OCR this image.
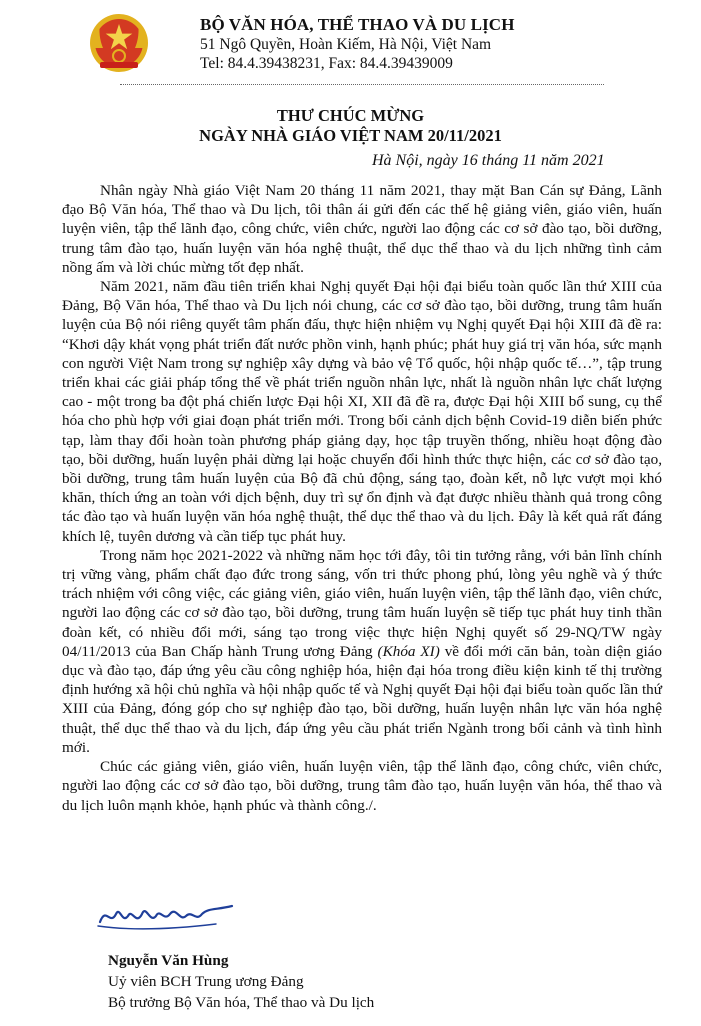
BỘ VĂN HÓA, THỂ THAO VÀ DU LỊCH
51 Ngô Quyền, Hoàn Kiếm, Hà Nội, Việt Nam
Tel: 84.4.39438231, Fax: 84.4.39439009
THƯ CHÚC MỪNG
NGÀY NHÀ GIÁO VIỆT NAM 20/11/2021
Hà Nội, ngày 16 tháng 11 năm 2021

Nhân ngày Nhà giáo Việt Nam 20 tháng 11 năm 2021, thay mặt Ban Cán sự Đảng, Lãnh đạo Bộ Văn hóa, Thể thao và Du lịch, tôi thân ái gửi đến các thế hệ giảng viên, giáo viên, huấn luyện viên, tập thể lãnh đạo, công chức, viên chức, người lao động các cơ sở đào tạo, bồi dưỡng, trung tâm đào tạo, huấn luyện văn hóa nghệ thuật, thể dục thể thao và du lịch những tình cảm nồng ấm và lời chúc mừng tốt đẹp nhất.

Năm 2021, năm đầu tiên triển khai Nghị quyết Đại hội đại biểu toàn quốc lần thứ XIII của Đảng, Bộ Văn hóa, Thể thao và Du lịch nói chung, các cơ sở đào tạo, bồi dưỡng, trung tâm huấn luyện của Bộ nói riêng quyết tâm phấn đấu, thực hiện nhiệm vụ Nghị quyết Đại hội XIII đã đề ra: “Khơi dậy khát vọng phát triển đất nước phồn vinh, hạnh phúc; phát huy giá trị văn hóa, sức mạnh con người Việt Nam trong sự nghiệp xây dựng và bảo vệ Tổ quốc, hội nhập quốc tế…”, tập trung triển khai các giải pháp tổng thể về phát triển nguồn nhân lực, nhất là nguồn nhân lực chất lượng cao - một trong ba đột phá chiến lược Đại hội XI, XII đã đề ra, được Đại hội XIII bổ sung, cụ thể hóa cho phù hợp với giai đoạn phát triển mới. Trong bối cảnh dịch bệnh Covid-19 diễn biến phức tạp, làm thay đổi hoàn toàn phương pháp giảng dạy, học tập truyền thống, nhiều hoạt động đào tạo, bồi dưỡng, huấn luyện phải dừng lại hoặc chuyển đổi hình thức thực hiện, các cơ sở đào tạo, bồi dưỡng, trung tâm huấn luyện của Bộ đã chủ động, sáng tạo, đoàn kết, nỗ lực vượt mọi khó khăn, thích ứng an toàn với dịch bệnh, duy trì sự ổn định và đạt được nhiều thành quả trong công tác đào tạo và huấn luyện văn hóa nghệ thuật, thể dục thể thao và du lịch. Đây là kết quả rất đáng khích lệ, tuyên dương và cần tiếp tục phát huy.

Trong năm học 2021-2022 và những năm học tới đây, tôi tin tưởng rằng, với bản lĩnh chính trị vững vàng, phẩm chất đạo đức trong sáng, vốn tri thức phong phú, lòng yêu nghề và ý thức trách nhiệm với công việc, các giảng viên, giáo viên, huấn luyện viên, tập thể lãnh đạo, viên chức, người lao động các cơ sở đào tạo, bồi dưỡng, trung tâm huấn luyện sẽ tiếp tục phát huy tinh thần đoàn kết, có nhiều đổi mới, sáng tạo trong việc thực hiện Nghị quyết số 29-NQ/TW ngày 04/11/2013 của Ban Chấp hành Trung ương Đảng (Khóa XI) về đổi mới căn bản, toàn diện giáo dục và đào tạo, đáp ứng yêu cầu công nghiệp hóa, hiện đại hóa trong điều kiện kinh tế thị trường định hướng xã hội chủ nghĩa và hội nhập quốc tế và Nghị quyết Đại hội đại biểu toàn quốc lần thứ XIII của Đảng, đóng góp cho sự nghiệp đào tạo, bồi dưỡng, huấn luyện nhân lực văn hóa nghệ thuật, thể dục thể thao và du lịch, đáp ứng yêu cầu phát triển Ngành trong bối cảnh và tình hình mới.

Chúc các giảng viên, giáo viên, huấn luyện viên, tập thể lãnh đạo, công chức, viên chức, người lao động các cơ sở đào tạo, bồi dưỡng, trung tâm đào tạo, huấn luyện văn hóa, thể thao và du lịch luôn mạnh khỏe, hạnh phúc và thành công./.

Nguyễn Văn Hùng
Uỷ viên BCH Trung ương Đảng
Bộ trưởng Bộ Văn hóa, Thể thao và Du lịch
